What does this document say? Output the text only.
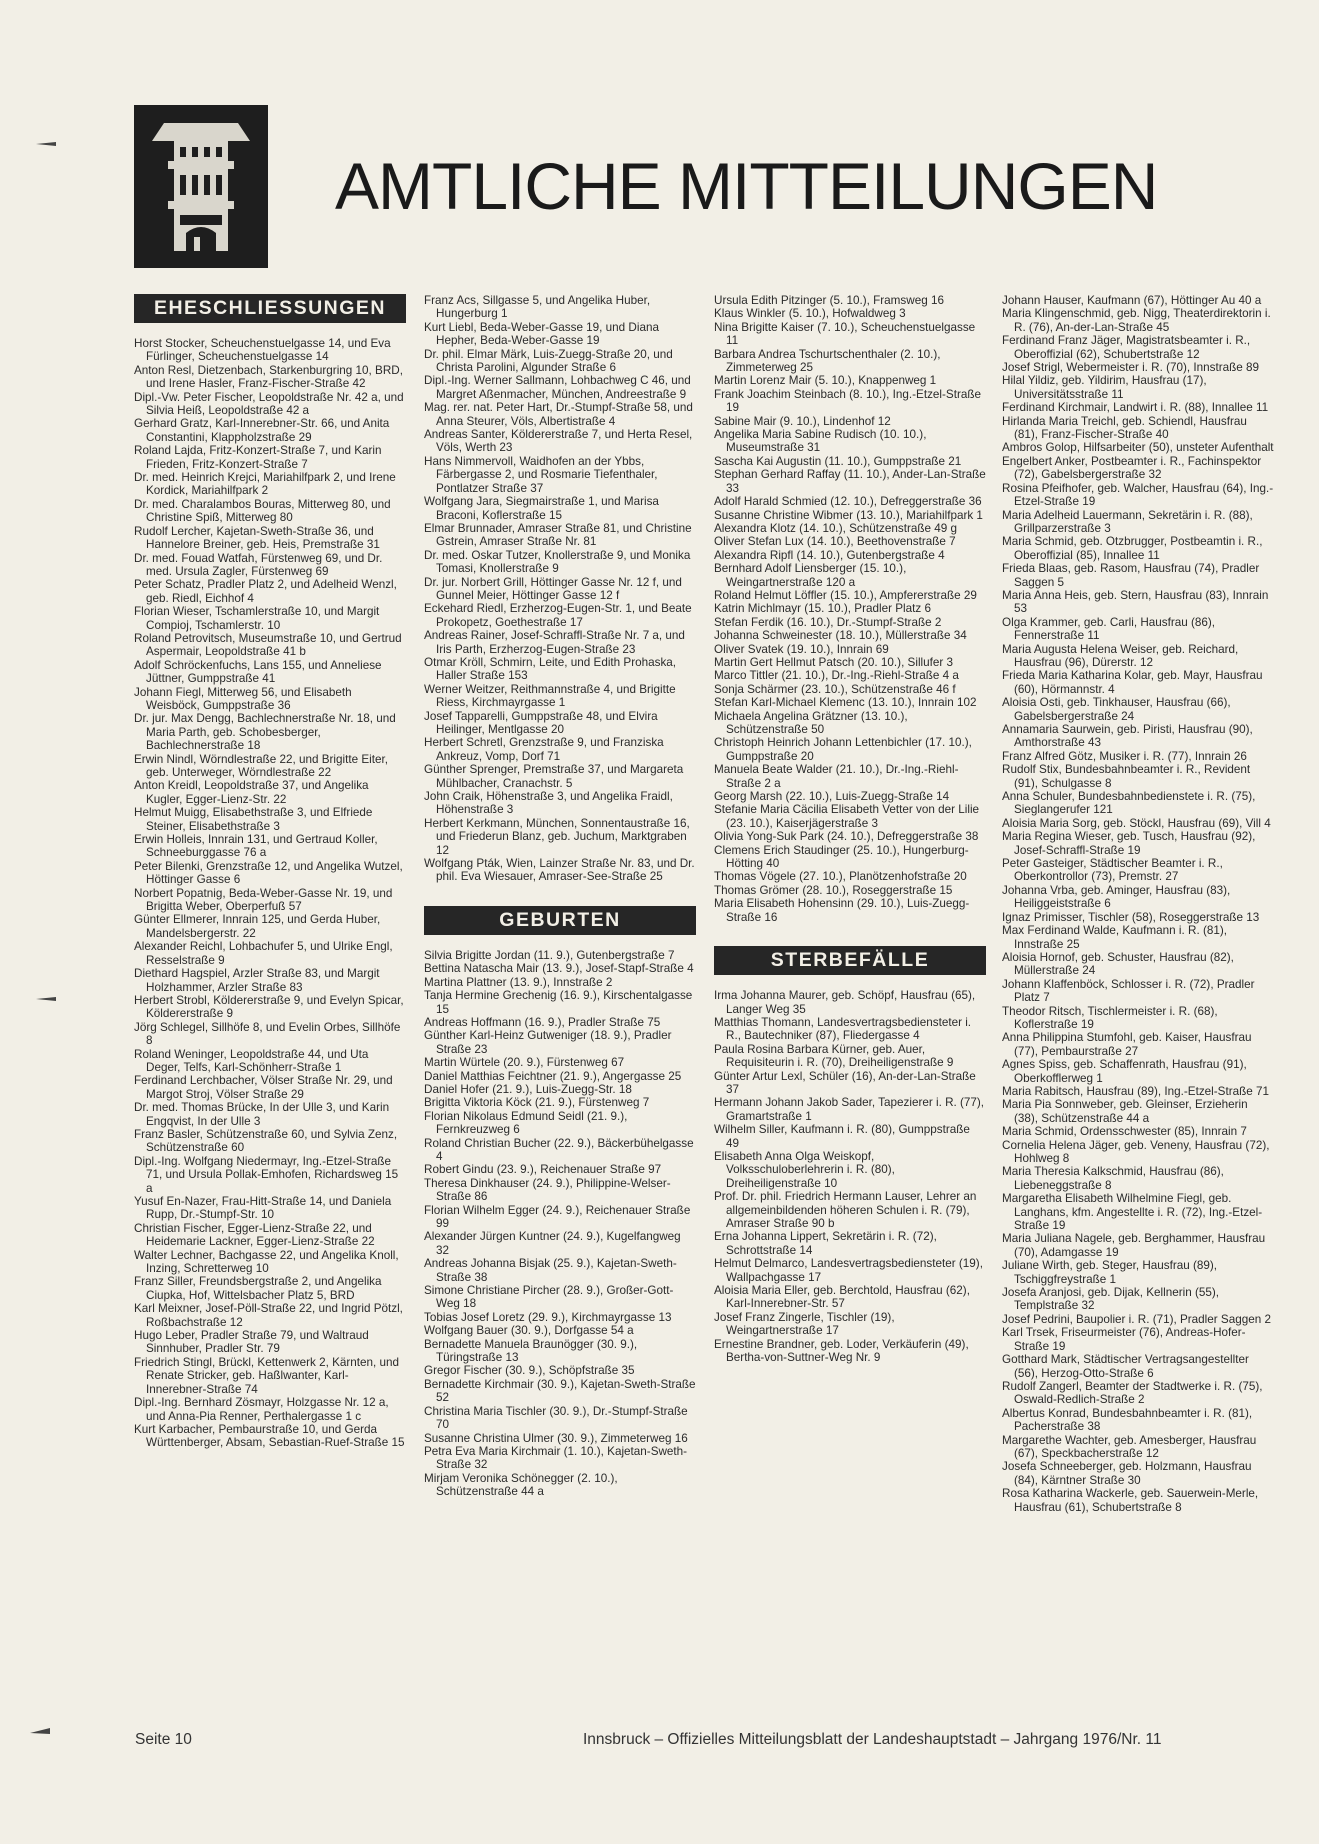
AMTLICHE MITTEILUNGEN
EHESCHLIESSUNGEN
Horst Stocker, Scheuchenstuelgasse 14, und Eva Fürlinger, Scheuchenstuelgasse 14
Anton Resl, Dietzenbach, Starkenburgring 10, BRD, und Irene Hasler, Franz-Fischer-Straße 42
Dipl.-Vw. Peter Fischer, Leopoldstraße Nr. 42 a, und Silvia Heiß, Leopoldstraße 42 a
Gerhard Gratz, Karl-Innerebner-Str. 66, und Anita Constantini, Klappholzstraße 29
Roland Lajda, Fritz-Konzert-Straße 7, und Karin Frieden, Fritz-Konzert-Straße 7
Dr. med. Heinrich Krejci, Mariahilfpark 2, und Irene Kordick, Mariahilfpark 2
Dr. med. Charalambos Bouras, Mitterweg 80, und Christine Spiß, Mitterweg 80
Rudolf Lercher, Kajetan-Sweth-Straße 36, und Hannelore Breiner, geb. Heis, Premstraße 31
Dr. med. Fouad Watfah, Fürstenweg 69, und Dr. med. Ursula Zagler, Fürstenweg 69
Peter Schatz, Pradler Platz 2, und Adelheid Wenzl, geb. Riedl, Eichhof 4
Florian Wieser, Tschamlerstraße 10, und Margit Compioj, Tschamlerstr. 10
Roland Petrovitsch, Museumstraße 10, und Gertrud Aspermair, Leopoldstraße 41 b
Adolf Schröckenfuchs, Lans 155, und Anneliese Jüttner, Gumppstraße 41
Johann Fiegl, Mitterweg 56, und Elisabeth Weisböck, Gumppstraße 36
Dr. jur. Max Dengg, Bachlechnerstraße Nr. 18, und Maria Parth, geb. Schobesberger, Bachlechnerstraße 18
Erwin Nindl, Wörndlestraße 22, und Brigitte Eiter, geb. Unterweger, Wörndlestraße 22
Anton Kreidl, Leopoldstraße 37, und Angelika Kugler, Egger-Lienz-Str. 22
Helmut Muigg, Elisabethstraße 3, und Elfriede Steiner, Elisabethstraße 3
Erwin Holleis, Innrain 131, und Gertraud Koller, Schneeburggasse 76 a
Peter Bilenki, Grenzstraße 12, und Angelika Wutzel, Höttinger Gasse 6
Norbert Popatnig, Beda-Weber-Gasse Nr. 19, und Brigitta Weber, Oberperfuß 57
Günter Ellmerer, Innrain 125, und Gerda Huber, Mandelsbergerstr. 22
Alexander Reichl, Lohbachufer 5, und Ulrike Engl, Resselstraße 9
Diethard Hagspiel, Arzler Straße 83, und Margit Holzhammer, Arzler Straße 83
Herbert Strobl, Köldererstraße 9, und Evelyn Spicar, Köldererstraße 9
Jörg Schlegel, Sillhöfe 8, und Evelin Orbes, Sillhöfe 8
Roland Weninger, Leopoldstraße 44, und Uta Deger, Telfs, Karl-Schönherr-Straße 1
Ferdinand Lerchbacher, Völser Straße Nr. 29, und Margot Stroj, Völser Straße 29
Dr. med. Thomas Brücke, In der Ulle 3, und Karin Engqvist, In der Ulle 3
Franz Basler, Schützenstraße 60, und Sylvia Zenz, Schützenstraße 60
Dipl.-Ing. Wolfgang Niedermayr, Ing.-Etzel-Straße 71, und Ursula Pollak-Emhofen, Richardsweg 15 a
Yusuf En-Nazer, Frau-Hitt-Straße 14, und Daniela Rupp, Dr.-Stumpf-Str. 10
Christian Fischer, Egger-Lienz-Straße 22, und Heidemarie Lackner, Egger-Lienz-Straße 22
Walter Lechner, Bachgasse 22, und Angelika Knoll, Inzing, Schretterweg 10
Franz Siller, Freundsbergstraße 2, und Angelika Ciupka, Hof, Wittelsbacher Platz 5, BRD
Karl Meixner, Josef-Pöll-Straße 22, und Ingrid Pötzl, Roßbachstraße 12
Hugo Leber, Pradler Straße 79, und Waltraud Sinnhuber, Pradler Str. 79
Friedrich Stingl, Brückl, Kettenwerk 2, Kärnten, und Renate Stricker, geb. Haßlwanter, Karl-Innerebner-Straße 74
Dipl.-Ing. Bernhard Zösmayr, Holzgasse Nr. 12 a, und Anna-Pia Renner, Perthalergasse 1 c
Kurt Karbacher, Pembaurstraße 10, und Gerda Württenberger, Absam, Sebastian-Ruef-Straße 15
Franz Acs, Sillgasse 5, und Angelika Huber, Hungerburg 1
Kurt Liebl, Beda-Weber-Gasse 19, und Diana Hepher, Beda-Weber-Gasse 19
Dr. phil. Elmar Märk, Luis-Zuegg-Straße 20, und Christa Parolini, Algunder Straße 6
Dipl.-Ing. Werner Sallmann, Lohbachweg C 46, und Margret Aßenmacher, München, Andreestraße 9
Mag. rer. nat. Peter Hart, Dr.-Stumpf-Straße 58, und Anna Steurer, Völs, Albertistraße 4
Andreas Santer, Köldererstraße 7, und Herta Resel, Völs, Werth 23
Hans Nimmervoll, Waidhofen an der Ybbs, Färbergasse 2, und Rosmarie Tiefenthaler, Pontlatzer Straße 37
Wolfgang Jara, Siegmairstraße 1, und Marisa Braconi, Koflerstraße 15
Elmar Brunnader, Amraser Straße 81, und Christine Gstrein, Amraser Straße Nr. 81
Dr. med. Oskar Tutzer, Knollerstraße 9, und Monika Tomasi, Knollerstraße 9
Dr. jur. Norbert Grill, Höttinger Gasse Nr. 12 f, und Gunnel Meier, Höttinger Gasse 12 f
Eckehard Riedl, Erzherzog-Eugen-Str. 1, und Beate Prokopetz, Goethestraße 17
Andreas Rainer, Josef-Schraffl-Straße Nr. 7 a, und Iris Parth, Erzherzog-Eugen-Straße 23
Otmar Kröll, Schmirn, Leite, und Edith Prohaska, Haller Straße 153
Werner Weitzer, Reithmannstraße 4, und Brigitte Riess, Kirchmayrgasse 1
Josef Tapparelli, Gumppstraße 48, und Elvira Heilinger, Mentlgasse 20
Herbert Schretl, Grenzstraße 9, und Franziska Ankreuz, Vomp, Dorf 71
Günther Sprenger, Premstraße 37, und Margareta Mühlbacher, Cranachstr. 5
John Craik, Höhenstraße 3, und Angelika Fraidl, Höhenstraße 3
Herbert Kerkmann, München, Sonnentaustraße 16, und Friederun Blanz, geb. Juchum, Marktgraben 12
Wolfgang Pták, Wien, Lainzer Straße Nr. 83, und Dr. phil. Eva Wiesauer, Amraser-See-Straße 25
GEBURTEN
Silvia Brigitte Jordan (11. 9.), Gutenbergstraße 7
Bettina Natascha Mair (13. 9.), Josef-Stapf-Straße 4
Martina Plattner (13. 9.), Innstraße 2
Tanja Hermine Grechenig (16. 9.), Kirschentalgasse 15
Andreas Hoffmann (16. 9.), Pradler Straße 75
Günther Karl-Heinz Gutweniger (18. 9.), Pradler Straße 23
Martin Würtele (20. 9.), Fürstenweg 67
Daniel Matthias Feichtner (21. 9.), Angergasse 25
Daniel Hofer (21. 9.), Luis-Zuegg-Str. 18
Brigitta Viktoria Köck (21. 9.), Fürstenweg 7
Florian Nikolaus Edmund Seidl (21. 9.), Fernkreuzweg 6
Roland Christian Bucher (22. 9.), Bäckerbühelgasse 4
Robert Gindu (23. 9.), Reichenauer Straße 97
Theresa Dinkhauser (24. 9.), Philippine-Welser-Straße 86
Florian Wilhelm Egger (24. 9.), Reichenauer Straße 99
Alexander Jürgen Kuntner (24. 9.), Kugelfangweg 32
Andreas Johanna Bisjak (25. 9.), Kajetan-Sweth-Straße 38
Simone Christiane Pircher (28. 9.), Großer-Gott-Weg 18
Tobias Josef Loretz (29. 9.), Kirchmayrgasse 13
Wolfgang Bauer (30. 9.), Dorfgasse 54 a
Bernadette Manuela Braunögger (30. 9.), Türingstraße 13
Gregor Fischer (30. 9.), Schöpfstraße 35
Bernadette Kirchmair (30. 9.), Kajetan-Sweth-Straße 52
Christina Maria Tischler (30. 9.), Dr.-Stumpf-Straße 70
Susanne Christina Ulmer (30. 9.), Zimmeterweg 16
Petra Eva Maria Kirchmair (1. 10.), Kajetan-Sweth-Straße 32
Mirjam Veronika Schönegger (2. 10.), Schützenstraße 44 a
Ursula Edith Pitzinger (5. 10.), Framsweg 16
Klaus Winkler (5. 10.), Hofwaldweg 3
Nina Brigitte Kaiser (7. 10.), Scheuchenstuelgasse 11
Barbara Andrea Tschurtschenthaler (2. 10.), Zimmeterweg 25
Martin Lorenz Mair (5. 10.), Knappenweg 1
Frank Joachim Steinbach (8. 10.), Ing.-Etzel-Straße 19
Sabine Mair (9. 10.), Lindenhof 12
Angelika Maria Sabine Rudisch (10. 10.), Museumstraße 31
Sascha Kai Augustin (11. 10.), Gumppstraße 21
Stephan Gerhard Raffay (11. 10.), Ander-Lan-Straße 33
Adolf Harald Schmied (12. 10.), Defreggerstraße 36
Susanne Christine Wibmer (13. 10.), Mariahilfpark 1
Alexandra Klotz (14. 10.), Schützenstraße 49 g
Oliver Stefan Lux (14. 10.), Beethovenstraße 7
Alexandra Ripfl (14. 10.), Gutenbergstraße 4
Bernhard Adolf Liensberger (15. 10.), Weingartnerstraße 120 a
Roland Helmut Löffler (15. 10.), Ampfererstraße 29
Katrin Michlmayr (15. 10.), Pradler Platz 6
Stefan Ferdik (16. 10.), Dr.-Stumpf-Straße 2
Johanna Schweinester (18. 10.), Müllerstraße 34
Oliver Svatek (19. 10.), Innrain 69
Martin Gert Hellmut Patsch (20. 10.), Sillufer 3
Marco Tittler (21. 10.), Dr.-Ing.-Riehl-Straße 4 a
Sonja Schärmer (23. 10.), Schützenstraße 46 f
Stefan Karl-Michael Klemenc (13. 10.), Innrain 102
Michaela Angelina Grätzner (13. 10.), Schützenstraße 50
Christoph Heinrich Johann Lettenbichler (17. 10.), Gumppstraße 20
Manuela Beate Walder (21. 10.), Dr.-Ing.-Riehl-Straße 2 a
Georg Marsh (22. 10.), Luis-Zuegg-Straße 14
Stefanie Maria Cäcilia Elisabeth Vetter von der Lilie (23. 10.), Kaiserjägerstraße 3
Olivia Yong-Suk Park (24. 10.), Defreggerstraße 38
Clemens Erich Staudinger (25. 10.), Hungerburg-Hötting 40
Thomas Vögele (27. 10.), Planötzenhofstraße 20
Thomas Grömer (28. 10.), Roseggerstraße 15
Maria Elisabeth Hohensinn (29. 10.), Luis-Zuegg-Straße 16
STERBEFÄLLE
Irma Johanna Maurer, geb. Schöpf, Hausfrau (65), Langer Weg 35
Matthias Thomann, Landesvertragsbediensteter i. R., Bautechniker (87), Fliedergasse 4
Paula Rosina Barbara Kürner, geb. Auer, Requisiteurin i. R. (70), Dreiheiligenstraße 9
Günter Artur Lexl, Schüler (16), An-der-Lan-Straße 37
Hermann Johann Jakob Sader, Tapezierer i. R. (77), Gramartstraße 1
Wilhelm Siller, Kaufmann i. R. (80), Gumppstraße 49
Elisabeth Anna Olga Weiskopf, Volksschuloberlehrerin i. R. (80), Dreiheiligenstraße 10
Prof. Dr. phil. Friedrich Hermann Lauser, Lehrer an allgemeinbildenden höheren Schulen i. R. (79), Amraser Straße 90 b
Erna Johanna Lippert, Sekretärin i. R. (72), Schrottstraße 14
Helmut Delmarco, Landesvertragsbediensteter (19), Wallpachgasse 17
Aloisia Maria Eller, geb. Berchtold, Hausfrau (62), Karl-Innerebner-Str. 57
Josef Franz Zingerle, Tischler (19), Weingartnerstraße 17
Ernestine Brandner, geb. Loder, Verkäuferin (49), Bertha-von-Suttner-Weg Nr. 9
Johann Hauser, Kaufmann (67), Höttinger Au 40 a
Maria Klingenschmid, geb. Nigg, Theaterdirektorin i. R. (76), An-der-Lan-Straße 45
Ferdinand Franz Jäger, Magistratsbeamter i. R., Oberoffizial (62), Schubertstraße 12
Josef Strigl, Webermeister i. R. (70), Innstraße 89
Hilal Yildiz, geb. Yildirim, Hausfrau (17), Universitätsstraße 11
Ferdinand Kirchmair, Landwirt i. R. (88), Innallee 11
Hirlanda Maria Treichl, geb. Schiendl, Hausfrau (81), Franz-Fischer-Straße 40
Ambros Golop, Hilfsarbeiter (50), unsteter Aufenthalt
Engelbert Anker, Postbeamter i. R., Fachinspektor (72), Gabelsbergerstraße 32
Rosina Pfeifhofer, geb. Walcher, Hausfrau (64), Ing.-Etzel-Straße 19
Maria Adelheid Lauermann, Sekretärin i. R. (88), Grillparzerstraße 3
Maria Schmid, geb. Otzbrugger, Postbeamtin i. R., Oberoffizial (85), Innallee 11
Frieda Blaas, geb. Rasom, Hausfrau (74), Pradler Saggen 5
Maria Anna Heis, geb. Stern, Hausfrau (83), Innrain 53
Olga Krammer, geb. Carli, Hausfrau (86), Fennerstraße 11
Maria Augusta Helena Weiser, geb. Reichard, Hausfrau (96), Dürerstr. 12
Frieda Maria Katharina Kolar, geb. Mayr, Hausfrau (60), Hörmannstr. 4
Aloisia Osti, geb. Tinkhauser, Hausfrau (66), Gabelsbergerstraße 24
Annamaria Saurwein, geb. Piristi, Hausfrau (90), Amthorstraße 43
Franz Alfred Götz, Musiker i. R. (77), Innrain 26
Rudolf Stix, Bundesbahnbeamter i. R., Revident (91), Schulgasse 8
Anna Schuler, Bundesbahnbedienstete i. R. (75), Sieglangerufer 121
Aloisia Maria Sorg, geb. Stöckl, Hausfrau (69), Vill 4
Maria Regina Wieser, geb. Tusch, Hausfrau (92), Josef-Schraffl-Straße 19
Peter Gasteiger, Städtischer Beamter i. R., Oberkontrollor (73), Premstr. 27
Johanna Vrba, geb. Aminger, Hausfrau (83), Heiliggeiststraße 6
Ignaz Primisser, Tischler (58), Roseggerstraße 13
Max Ferdinand Walde, Kaufmann i. R. (81), Innstraße 25
Aloisia Hornof, geb. Schuster, Hausfrau (82), Müllerstraße 24
Johann Klaffenböck, Schlosser i. R. (72), Pradler Platz 7
Theodor Ritsch, Tischlermeister i. R. (68), Koflerstraße 19
Anna Philippina Stumfohl, geb. Kaiser, Hausfrau (77), Pembaurstraße 27
Agnes Spiss, geb. Schaffenrath, Hausfrau (91), Oberkofflerweg 1
Maria Rabitsch, Hausfrau (89), Ing.-Etzel-Straße 71
Maria Pia Sonnweber, geb. Gleinser, Erzieherin (38), Schützenstraße 44 a
Maria Schmid, Ordensschwester (85), Innrain 7
Cornelia Helena Jäger, geb. Veneny, Hausfrau (72), Hohlweg 8
Maria Theresia Kalkschmid, Hausfrau (86), Liebeneggstraße 8
Margaretha Elisabeth Wilhelmine Fiegl, geb. Langhans, kfm. Angestellte i. R. (72), Ing.-Etzel-Straße 19
Maria Juliana Nagele, geb. Berghammer, Hausfrau (70), Adamgasse 19
Juliane Wirth, geb. Steger, Hausfrau (89), Tschiggfreystraße 1
Josefa Aranjosi, geb. Dijak, Kellnerin (55), Templstraße 32
Josef Pedrini, Baupolier i. R. (71), Pradler Saggen 2
Karl Trsek, Friseurmeister (76), Andreas-Hofer-Straße 19
Gotthard Mark, Städtischer Vertragsangestellter (56), Herzog-Otto-Straße 6
Rudolf Zangerl, Beamter der Stadtwerke i. R. (75), Oswald-Redlich-Straße 2
Albertus Konrad, Bundesbahnbeamter i. R. (81), Pacherstraße 38
Margarethe Wachter, geb. Amesberger, Hausfrau (67), Speckbacherstraße 12
Josefa Schneeberger, geb. Holzmann, Hausfrau (84), Kärntner Straße 30
Rosa Katharina Wackerle, geb. Sauerwein-Merle, Hausfrau (61), Schubertstraße 8
Seite 10	Innsbruck – Offizielles Mitteilungsblatt der Landeshauptstadt – Jahrgang 1976/Nr. 11
